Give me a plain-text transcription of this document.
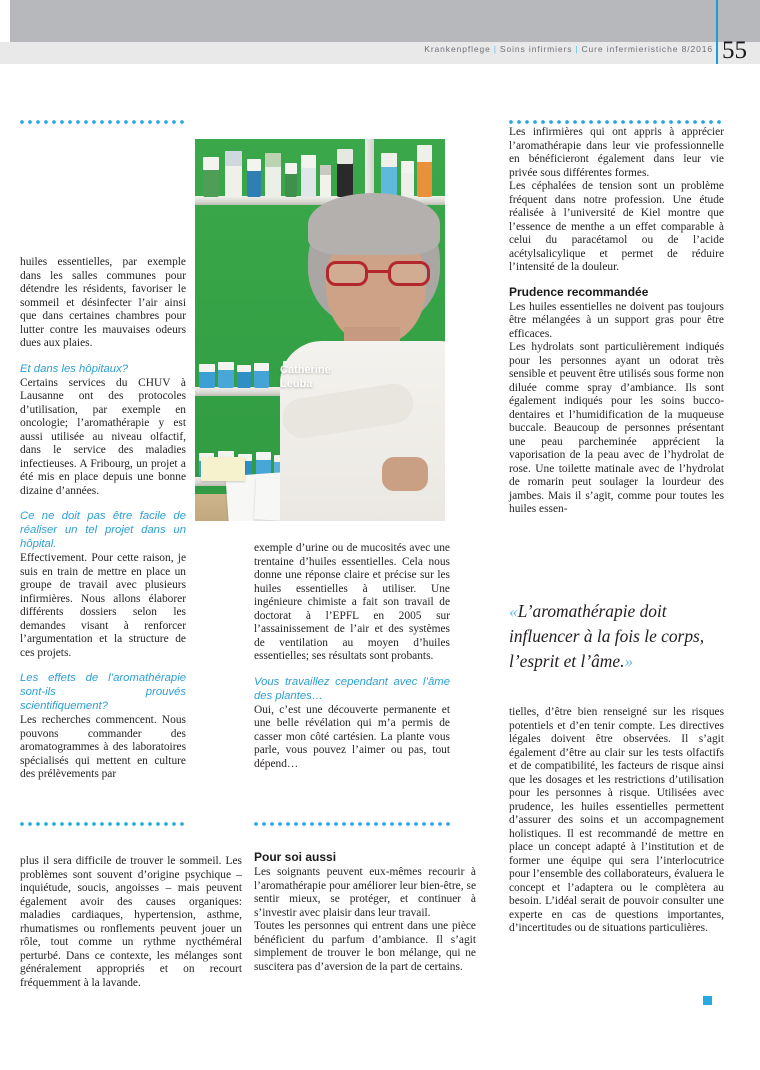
Krankenpflege | Soins infirmiers | Cure infermieristiche 8/2016 55
Catherine
Leuba

huiles essentielles, par exemple dans les salles communes pour détendre les résidents, favoriser le sommeil et désinfecter l’air ainsi que dans certaines chambres pour lutter contre les mauvaises odeurs dues aux plaies.

Et dans les hôpitaux?

Certains services du CHUV à Lausanne ont des protocoles d’utilisation, par exemple en oncologie; l’aromathérapie y est aussi utilisée au niveau olfactif, dans le service des maladies infectieuses. A Fribourg, un projet a été mis en place depuis une bonne dizaine d’années.

Ce ne doit pas être facile de réaliser un tel projet dans un hôpital.

Effectivement. Pour cette raison, je suis en train de mettre en place un groupe de travail avec plusieurs infirmières. Nous allons élaborer différents dossiers selon les demandes visant à renforcer l’argumentation et la structure de ces projets.

Les effets de l’aromathérapie sont-ils prouvés scientifiquement?

Les recherches commencent. Nous pouvons commander des aromatogrammes à des laboratoires spécialisés qui mettent en culture des prélèvements par

exemple d’urine ou de mucosités avec une trentaine d’huiles essentielles. Cela nous donne une réponse claire et précise sur les huiles essentielles à utiliser. Une ingénieure chimiste a fait son travail de doctorat à l’EPFL en 2005 sur l’assainissement de l’air et des systèmes de ventilation au moyen d’huiles essentielles; ses résultats sont probants.

Vous travaillez cependant avec l’âme des plantes…

Oui, c’est une découverte permanente et une belle révélation qui m’a permis de casser mon côté cartésien. La plante vous parle, vous pouvez l’aimer ou pas, tout dépend…

Les infirmières qui ont appris à apprécier l’aromathérapie dans leur vie professionnelle en bénéficieront également dans leur vie privée sous différentes formes.

Les céphalées de tension sont un problème fréquent dans notre profession. Une étude réalisée à l’université de Kiel montre que l’essence de menthe a un effet comparable à celui du paracétamol ou de l’acide acétylsalicylique et permet de réduire l’intensité de la douleur.

Prudence recommandée

Les huiles essentielles ne doivent pas toujours être mélangées à un support gras pour être efficaces.

Les hydrolats sont particulièrement indiqués pour les personnes ayant un odorat très sensible et peuvent être utilisés sous forme non diluée comme spray d’ambiance. Ils sont également indiqués pour les soins bucco-dentaires et l’humidification de la muqueuse buccale. Beaucoup de personnes présentant une peau parcheminée apprécient la vaporisation de la peau avec de l’hydrolat de rose. Une toilette matinale avec de l’hydrolat de romarin peut soulager la lourdeur des jambes. Mais il s’agit, comme pour toutes les huiles essen-

«L’aromathérapie doit influencer à la fois le corps, l’esprit et l’âme.»

tielles, d’être bien renseigné sur les risques potentiels et d’en tenir compte. Les directives légales doivent être observées. Il s’agit également d’être au clair sur les tests olfactifs et de compatibilité, les facteurs de risque ainsi que les dosages et les restrictions d’utilisation pour les personnes à risque. Utilisées avec prudence, les huiles essentielles permettent d’assurer des soins et un accompagnement holistiques. Il est recommandé de mettre en place un concept adapté à l’institution et de former une équipe qui sera l’interlocutrice pour l’ensemble des collaborateurs, évaluera le concept et l’adaptera ou le complètera au besoin. L’idéal serait de pouvoir consulter une experte en cas de questions importantes, d’incertitudes ou de situations particulières.

plus il sera difficile de trouver le sommeil. Les problèmes sont souvent d’origine psychique – inquiétude, soucis, angoisses – mais peuvent également avoir des causes organiques: maladies cardiaques, hypertension, asthme, rhumatismes ou ronflements peuvent jouer un rôle, tout comme un rythme nycthéméral perturbé. Dans ce contexte, les mélanges sont généralement appropriés et on recourt fréquemment à la lavande.

Pour soi aussi

Les soignants peuvent eux-mêmes recourir à l’aromathérapie pour améliorer leur bien-être, se sentir mieux, se protéger, et continuer à s’investir avec plaisir dans leur travail.

Toutes les personnes qui entrent dans une pièce bénéficient du parfum d’ambiance. Il s’agit simplement de trouver le bon mélange, qui ne suscitera pas d’aversion de la part de certains.
